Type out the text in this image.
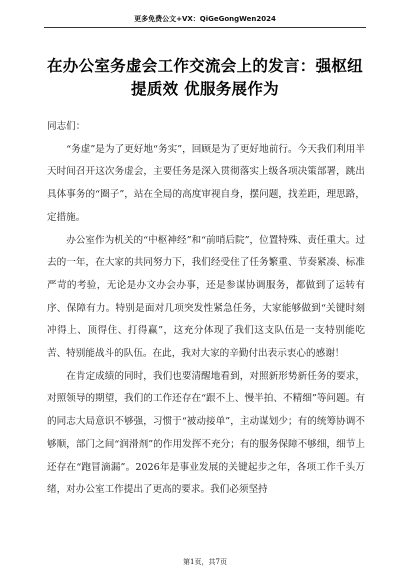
更多免费公文+VX：QiGeGongWen2024
在办公室务虚会工作交流会上的发言：强枢纽
提质效 优服务展作为

同志们：

“务虚”是为了更好地“务实”，回顾是为了更好地前行。今天我们利用半天时间召开这次务虚会，主要任务是深入贯彻落实上级各项决策部署，跳出具体事务的“圈子”，站在全局的高度审视自身，摆问题，找差距，理思路，定措施。

办公室作为机关的“中枢神经”和“前哨后院”，位置特殊、责任重大。过去的一年，在大家的共同努力下，我们经受住了任务繁重、节奏紧凑、标准严苛的考验，无论是办文办会办事，还是参谋协调服务，都做到了运转有序、保障有力。特别是面对几项突发性紧急任务，大家能够做到“关键时刻冲得上、顶得住、打得赢”，这充分体现了我们这支队伍是一支特别能吃苦、特别能战斗的队伍。在此，我对大家的辛勤付出表示衷心的感谢！

在肯定成绩的同时，我们也要清醒地看到，对照新形势新任务的要求，对照领导的期望，我们的工作还存在“跟不上、慢半拍、不精细”等问题。有的同志大局意识不够强，习惯于“被动接单”，主动谋划少；有的统筹协调不够顺，部门之间“润滑剂”的作用发挥不充分；有的服务保障不够细，细节上还存在“跑冒滴漏”。2026年是事业发展的关键起步之年，各项工作千头万绪，对办公室工作提出了更高的要求。我们必须坚持

第1页，共7页
